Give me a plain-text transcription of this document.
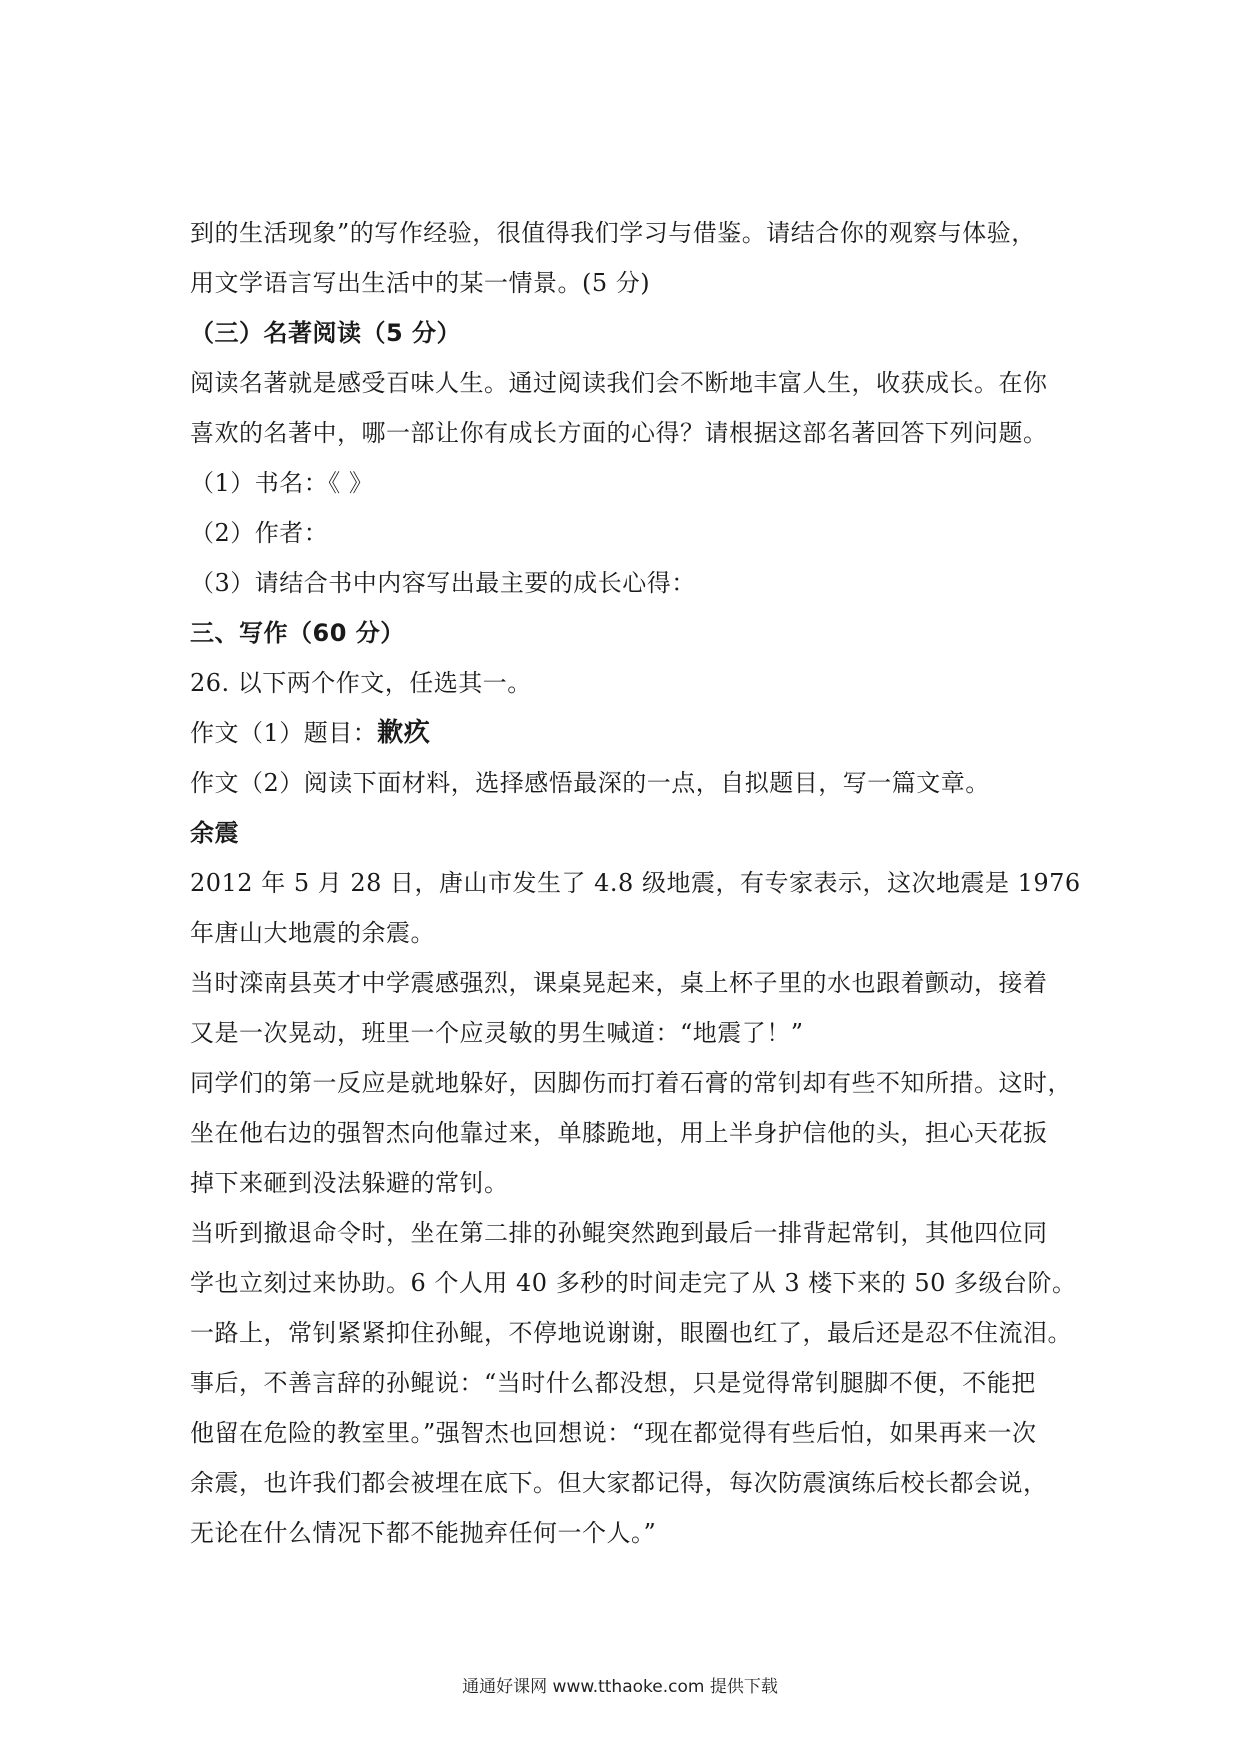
到的生活现象”的写作经验，很值得我们学习与借鉴。请结合你的观察与体验，
用文学语言写出生活中的某一情景。(5 分)
（三）名著阅读（5 分）
阅读名著就是感受百味人生。通过阅读我们会不断地丰富人生，收获成长。在你
喜欢的名著中，哪一部让你有成长方面的心得？请根据这部名著回答下列问题。
（1）书名：《 》
（2）作者：
（3）请结合书中内容写出最主要的成长心得：
三、写作（60 分）
26. 以下两个作文，任选其一。
作文（1）题目：歉疚
作文（2）阅读下面材料，选择感悟最深的一点，自拟题目，写一篇文章。
余震
2012 年 5 月 28 日，唐山市发生了 4.8 级地震，有专家表示，这次地震是 1976
年唐山大地震的余震。
当时滦南县英才中学震感强烈，课桌晃起来，桌上杯子里的水也跟着颤动，接着
又是一次晃动，班里一个应灵敏的男生喊道：“地震了！”
同学们的第一反应是就地躲好，因脚伤而打着石膏的常钊却有些不知所措。这时，
坐在他右边的强智杰向他靠过来，单膝跪地，用上半身护信他的头，担心天花扳
掉下来砸到没法躲避的常钊。
当听到撤退命令时，坐在第二排的孙鲲突然跑到最后一排背起常钊，其他四位同
学也立刻过来协助。6 个人用 40 多秒的时间走完了从 3 楼下来的 50 多级台阶。
一路上，常钊紧紧抑住孙鲲，不停地说谢谢，眼圈也红了，最后还是忍不住流泪。
事后，不善言辞的孙鲲说：“当时什么都没想，只是觉得常钊腿脚不便，不能把
他留在危险的教室里。”强智杰也回想说：“现在都觉得有些后怕，如果再来一次
余震，也许我们都会被埋在底下。但大家都记得，每次防震演练后校长都会说，
无论在什么情况下都不能抛弃任何一个人。”
通通好课网 www.tthaoke.com 提供下载
